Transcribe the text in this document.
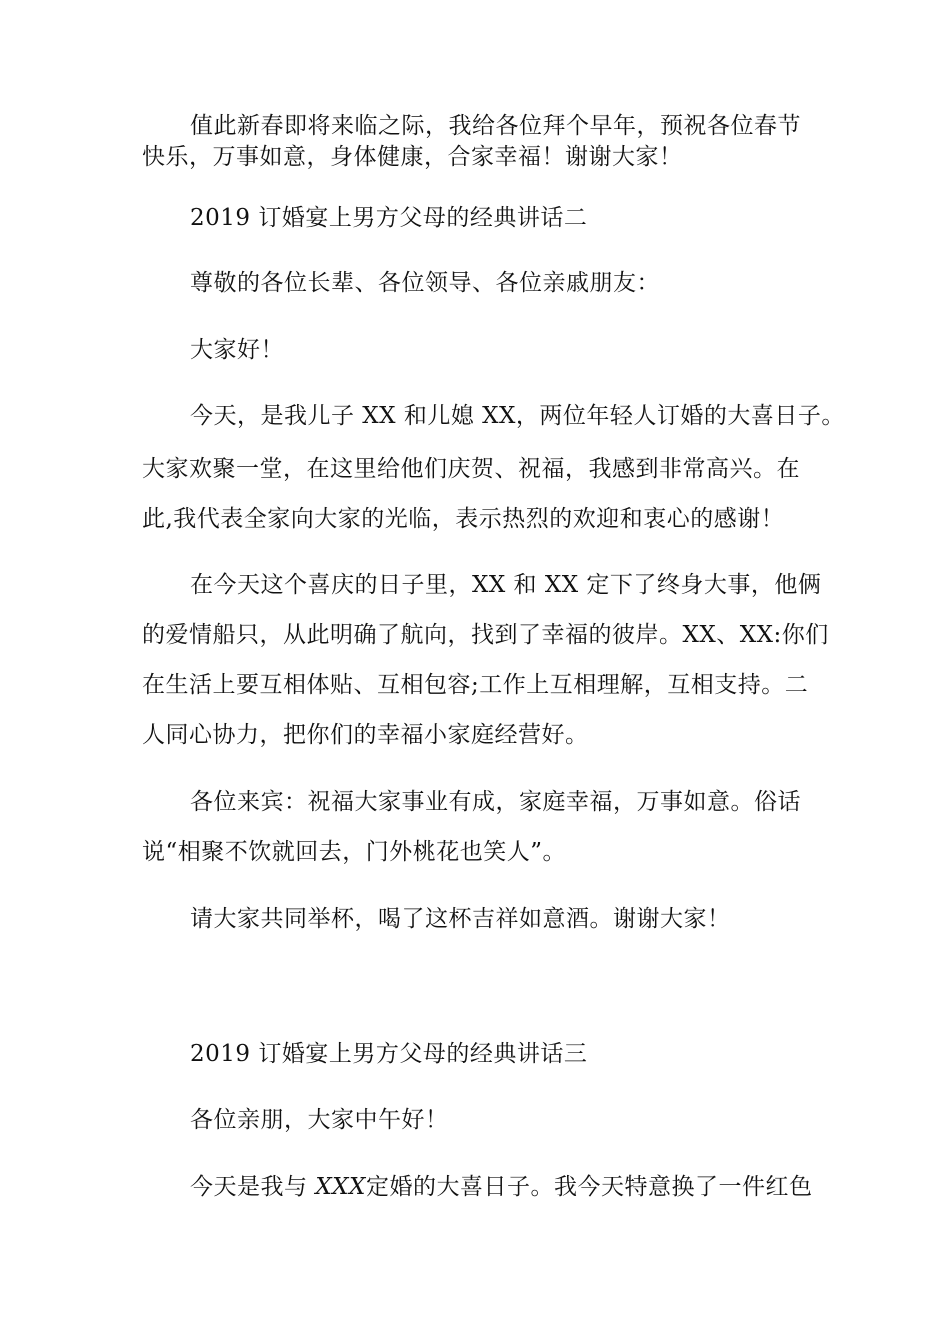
值此新春即将来临之际，我给各位拜个早年，预祝各位春节
快乐，万事如意，身体健康，合家幸福！谢谢大家！
2019 订婚宴上男方父母的经典讲话二
尊敬的各位长辈、各位领导、各位亲戚朋友：
大家好！
今天，是我儿子 XX 和儿媳 XX，两位年轻人订婚的大喜日子。
大家欢聚一堂，在这里给他们庆贺、祝福，我感到非常高兴。在
此,我代表全家向大家的光临，表示热烈的欢迎和衷心的感谢！
在今天这个喜庆的日子里，XX 和 XX 定下了终身大事，他俩
的爱情船只，从此明确了航向，找到了幸福的彼岸。XX、XX:你们
在生活上要互相体贴、互相包容;工作上互相理解，互相支持。二
人同心协力，把你们的幸福小家庭经营好。
各位来宾：祝福大家事业有成，家庭幸福，万事如意。俗话
说“相聚不饮就回去，门外桃花也笑人”。
请大家共同举杯，喝了这杯吉祥如意酒。谢谢大家！
2019 订婚宴上男方父母的经典讲话三
各位亲朋，大家中午好！
今天是我与 XXX定婚的大喜日子。我今天特意换了一件红色
